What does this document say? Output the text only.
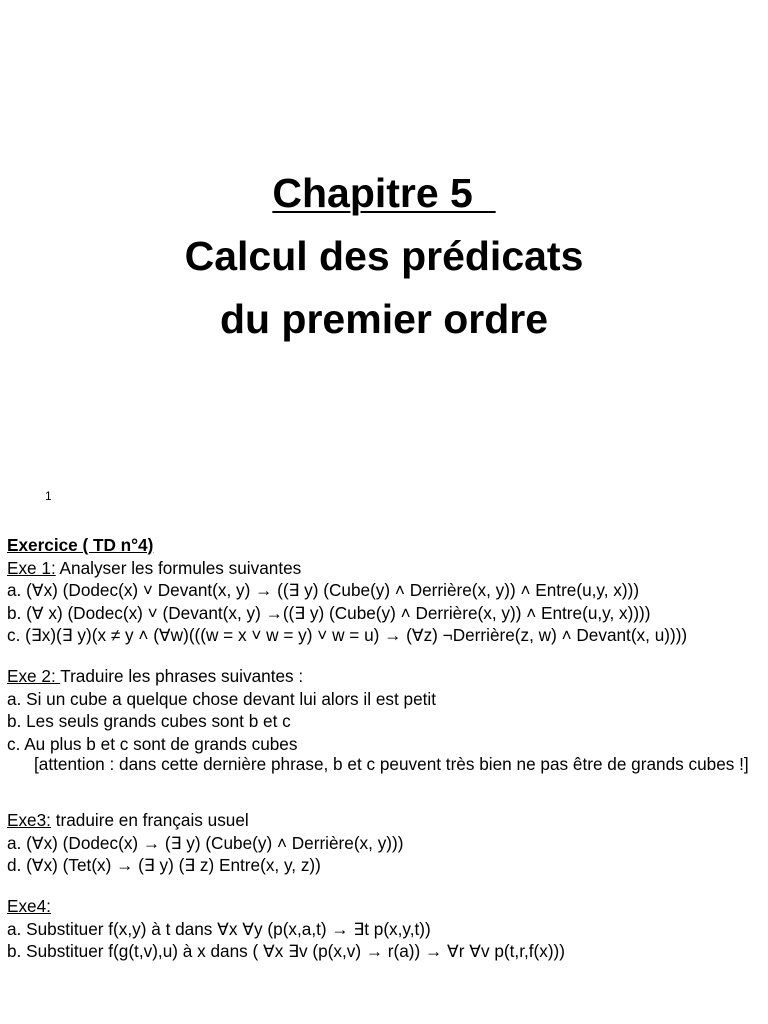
Chapitre 5
Calcul des prédicats
du premier ordre
1
Exercice ( TD n°4)
Exe 1: Analyser les formules suivantes
a. (∀x) (Dodec(x) ˅ Devant(x, y) → ((∃ y) (Cube(y) ˄ Derrière(x, y)) ˄ Entre(u,y, x)))
b. (∀ x) (Dodec(x) ˅ (Devant(x, y) →((∃ y) (Cube(y) ˄ Derrière(x, y)) ˄ Entre(u,y, x))))
c. (∃x)(∃ y)(x ≠ y ˄ (∀w)(((w = x ˅ w = y) ˅ w = u) → (∀z) ¬Derrière(z, w) ˄ Devant(x, u))))
Exe 2: Traduire les phrases suivantes :
a. Si un cube a quelque chose devant lui alors il est petit
b. Les seuls grands cubes sont b et c
c. Au plus b et c sont de grands cubes
[attention : dans cette dernière phrase, b et c peuvent très bien ne pas être de grands cubes !]
Exe3: traduire en français usuel
a. (∀x) (Dodec(x) → (∃ y) (Cube(y) ˄ Derrière(x, y)))
d. (∀x) (Tet(x) → (∃ y) (∃ z) Entre(x, y, z))
Exe4:
a. Substituer f(x,y) à t dans ∀x ∀y (p(x,a,t) → ∃t p(x,y,t))
b. Substituer f(g(t,v),u) à x dans ( ∀x ∃v (p(x,v) → r(a)) → ∀r ∀v p(t,r,f(x)))
